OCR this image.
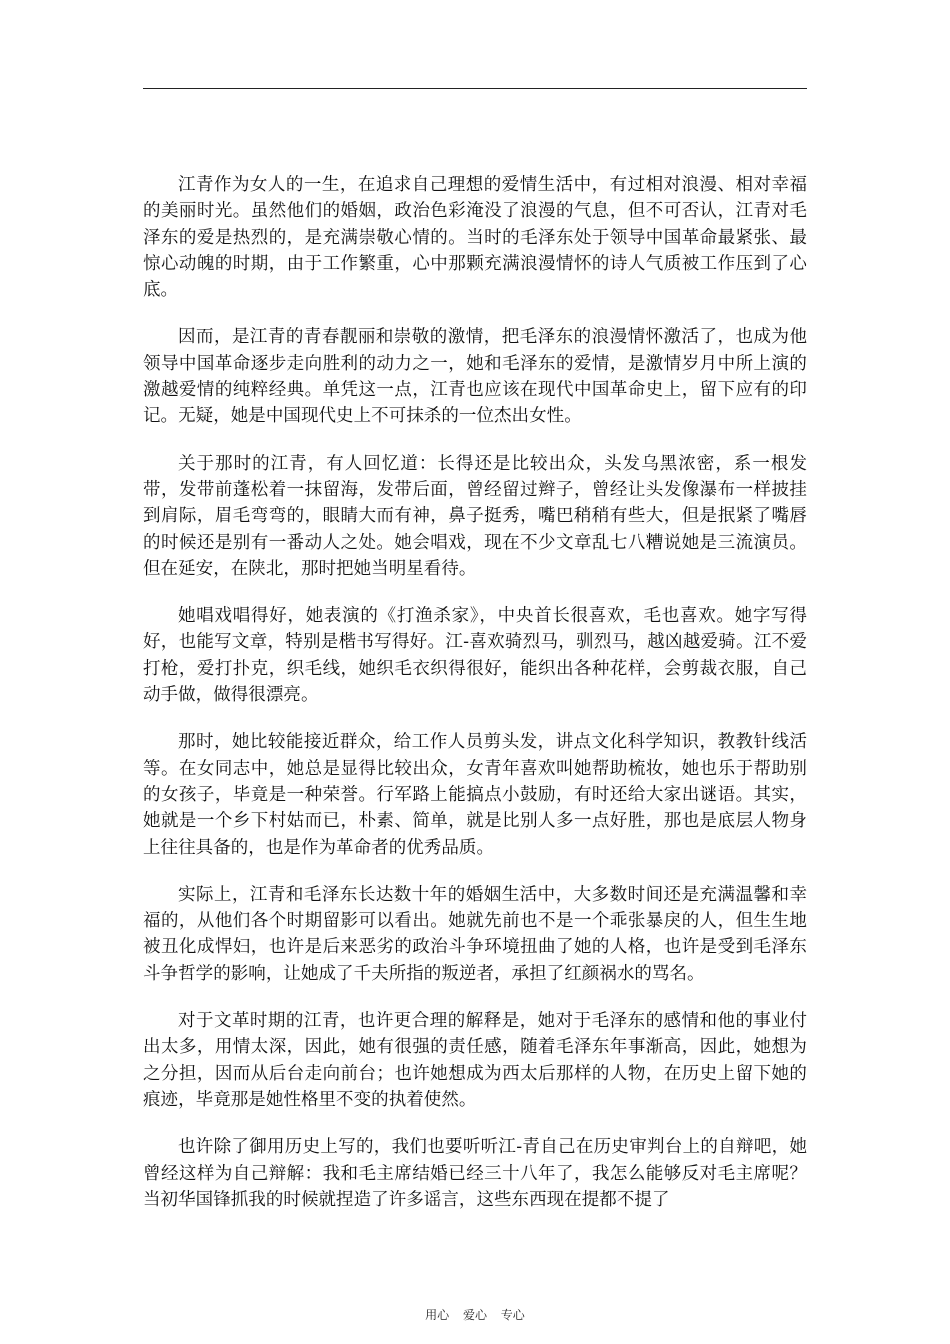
江青作为女人的一生，在追求自己理想的爱情生活中，有过相对浪漫、相对幸福的美丽时光。虽然他们的婚姻，政治色彩淹没了浪漫的气息，但不可否认，江青对毛泽东的爱是热烈的，是充满崇敬心情的。当时的毛泽东处于领导中国革命最紧张、最惊心动魄的时期，由于工作繁重，心中那颗充满浪漫情怀的诗人气质被工作压到了心底。

因而，是江青的青春靓丽和崇敬的激情，把毛泽东的浪漫情怀激活了，也成为他领导中国革命逐步走向胜利的动力之一，她和毛泽东的爱情，是激情岁月中所上演的激越爱情的纯粹经典。单凭这一点，江青也应该在现代中国革命史上，留下应有的印记。无疑，她是中国现代史上不可抹杀的一位杰出女性。

关于那时的江青，有人回忆道：长得还是比较出众，头发乌黑浓密，系一根发带，发带前蓬松着一抹留海，发带后面，曾经留过辫子，曾经让头发像瀑布一样披挂到肩际，眉毛弯弯的，眼睛大而有神，鼻子挺秀，嘴巴稍稍有些大，但是抿紧了嘴唇的时候还是别有一番动人之处。她会唱戏，现在不少文章乱七八糟说她是三流演员。但在延安，在陕北，那时把她当明星看待。

她唱戏唱得好，她表演的《打渔杀家》，中央首长很喜欢，毛也喜欢。她字写得好，也能写文章，特别是楷书写得好。江-喜欢骑烈马，驯烈马，越凶越爱骑。江不爱打枪，爱打扑克，织毛线，她织毛衣织得很好，能织出各种花样，会剪裁衣服，自己动手做，做得很漂亮。

那时，她比较能接近群众，给工作人员剪头发，讲点文化科学知识，教教针线活等。在女同志中，她总是显得比较出众，女青年喜欢叫她帮助梳妆，她也乐于帮助别的女孩子，毕竟是一种荣誉。行军路上能搞点小鼓励，有时还给大家出谜语。其实，她就是一个乡下村姑而已，朴素、简单，就是比别人多一点好胜，那也是底层人物身上往往具备的，也是作为革命者的优秀品质。

实际上，江青和毛泽东长达数十年的婚姻生活中，大多数时间还是充满温馨和幸福的，从他们各个时期留影可以看出。她就先前也不是一个乖张暴戾的人，但生生地被丑化成悍妇，也许是后来恶劣的政治斗争环境扭曲了她的人格，也许是受到毛泽东斗争哲学的影响，让她成了千夫所指的叛逆者，承担了红颜祸水的骂名。

对于文革时期的江青，也许更合理的解释是，她对于毛泽东的感情和他的事业付出太多，用情太深，因此，她有很强的责任感，随着毛泽东年事渐高，因此，她想为之分担，因而从后台走向前台；也许她想成为西太后那样的人物，在历史上留下她的痕迹，毕竟那是她性格里不变的执着使然。

也许除了御用历史上写的，我们也要听听江-青自己在历史审判台上的自辩吧，她曾经这样为自己辩解：我和毛主席结婚已经三十八年了，我怎么能够反对毛主席呢？当初华国锋抓我的时候就捏造了许多谣言，这些东西现在提都不提了

用心 爱心 专心
